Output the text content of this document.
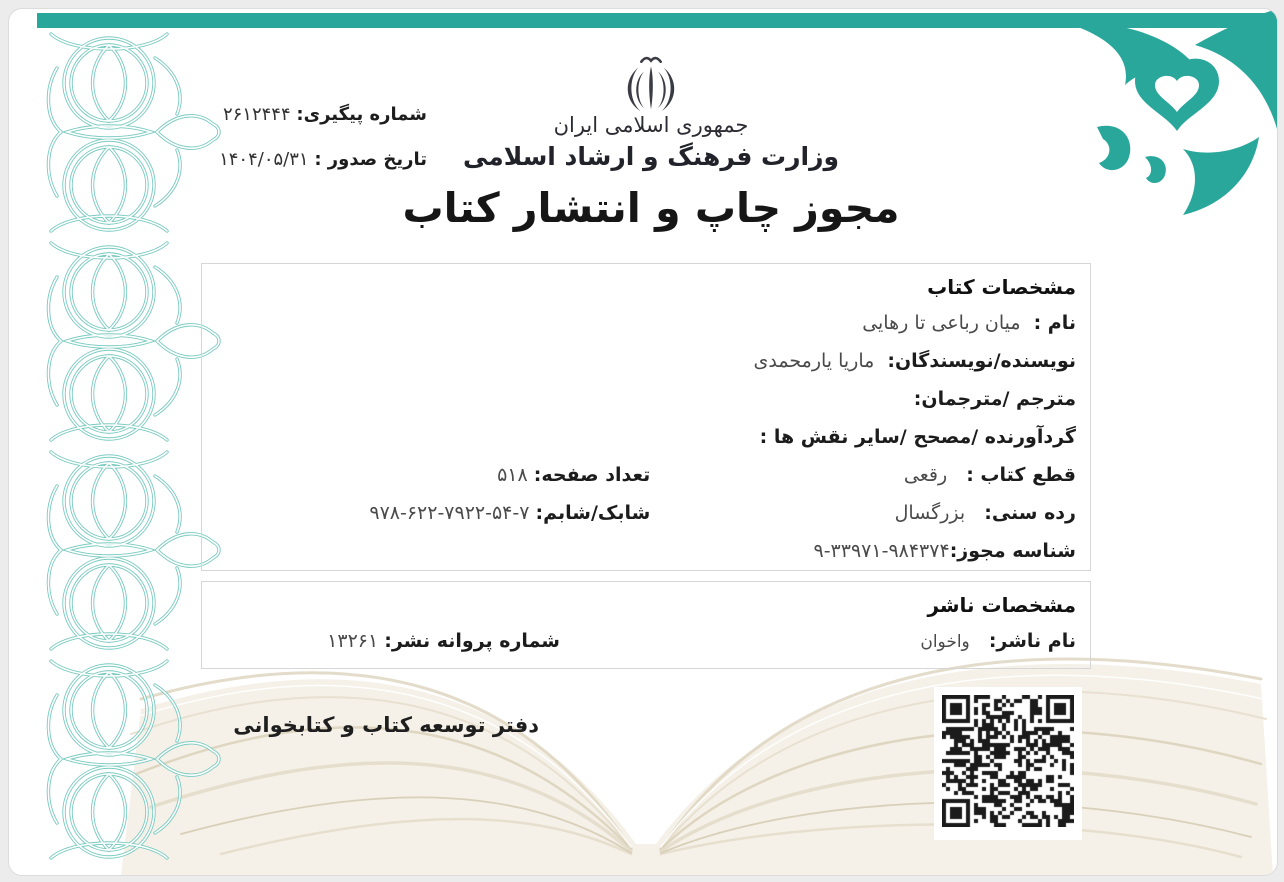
شماره پیگیری: ۲۶۱۲۴۴۴
تاریخ صدور : ۱۴۰۴/۰۵/۳۱
جمهوری اسلامی ایران
وزارت فرهنگ و ارشاد اسلامی
مجوز چاپ و انتشار کتاب
مشخصات کتاب
نام :
میان رباعی تا رهایی
نویسنده/نویسندگان:
ماریا یارمحمدی
مترجم /مترجمان:
گردآورنده /مصحح /سایر نقش ها :
قطع کتاب : رقعی
تعداد صفحه: ۵۱۸
رده سنی: بزرگسال
شابک/شابم: ۹۷۸-۶۲۲-۷۹۲۲-۵۴-۷
شناسه مجوز:
۹-۳۳۹۷۱-۹۸۴۳۷۴
مشخصات ناشر
نام ناشر: واخوان
شماره پروانه نشر: ۱۳۲۶۱
دفتر توسعه کتاب و کتابخوانی
